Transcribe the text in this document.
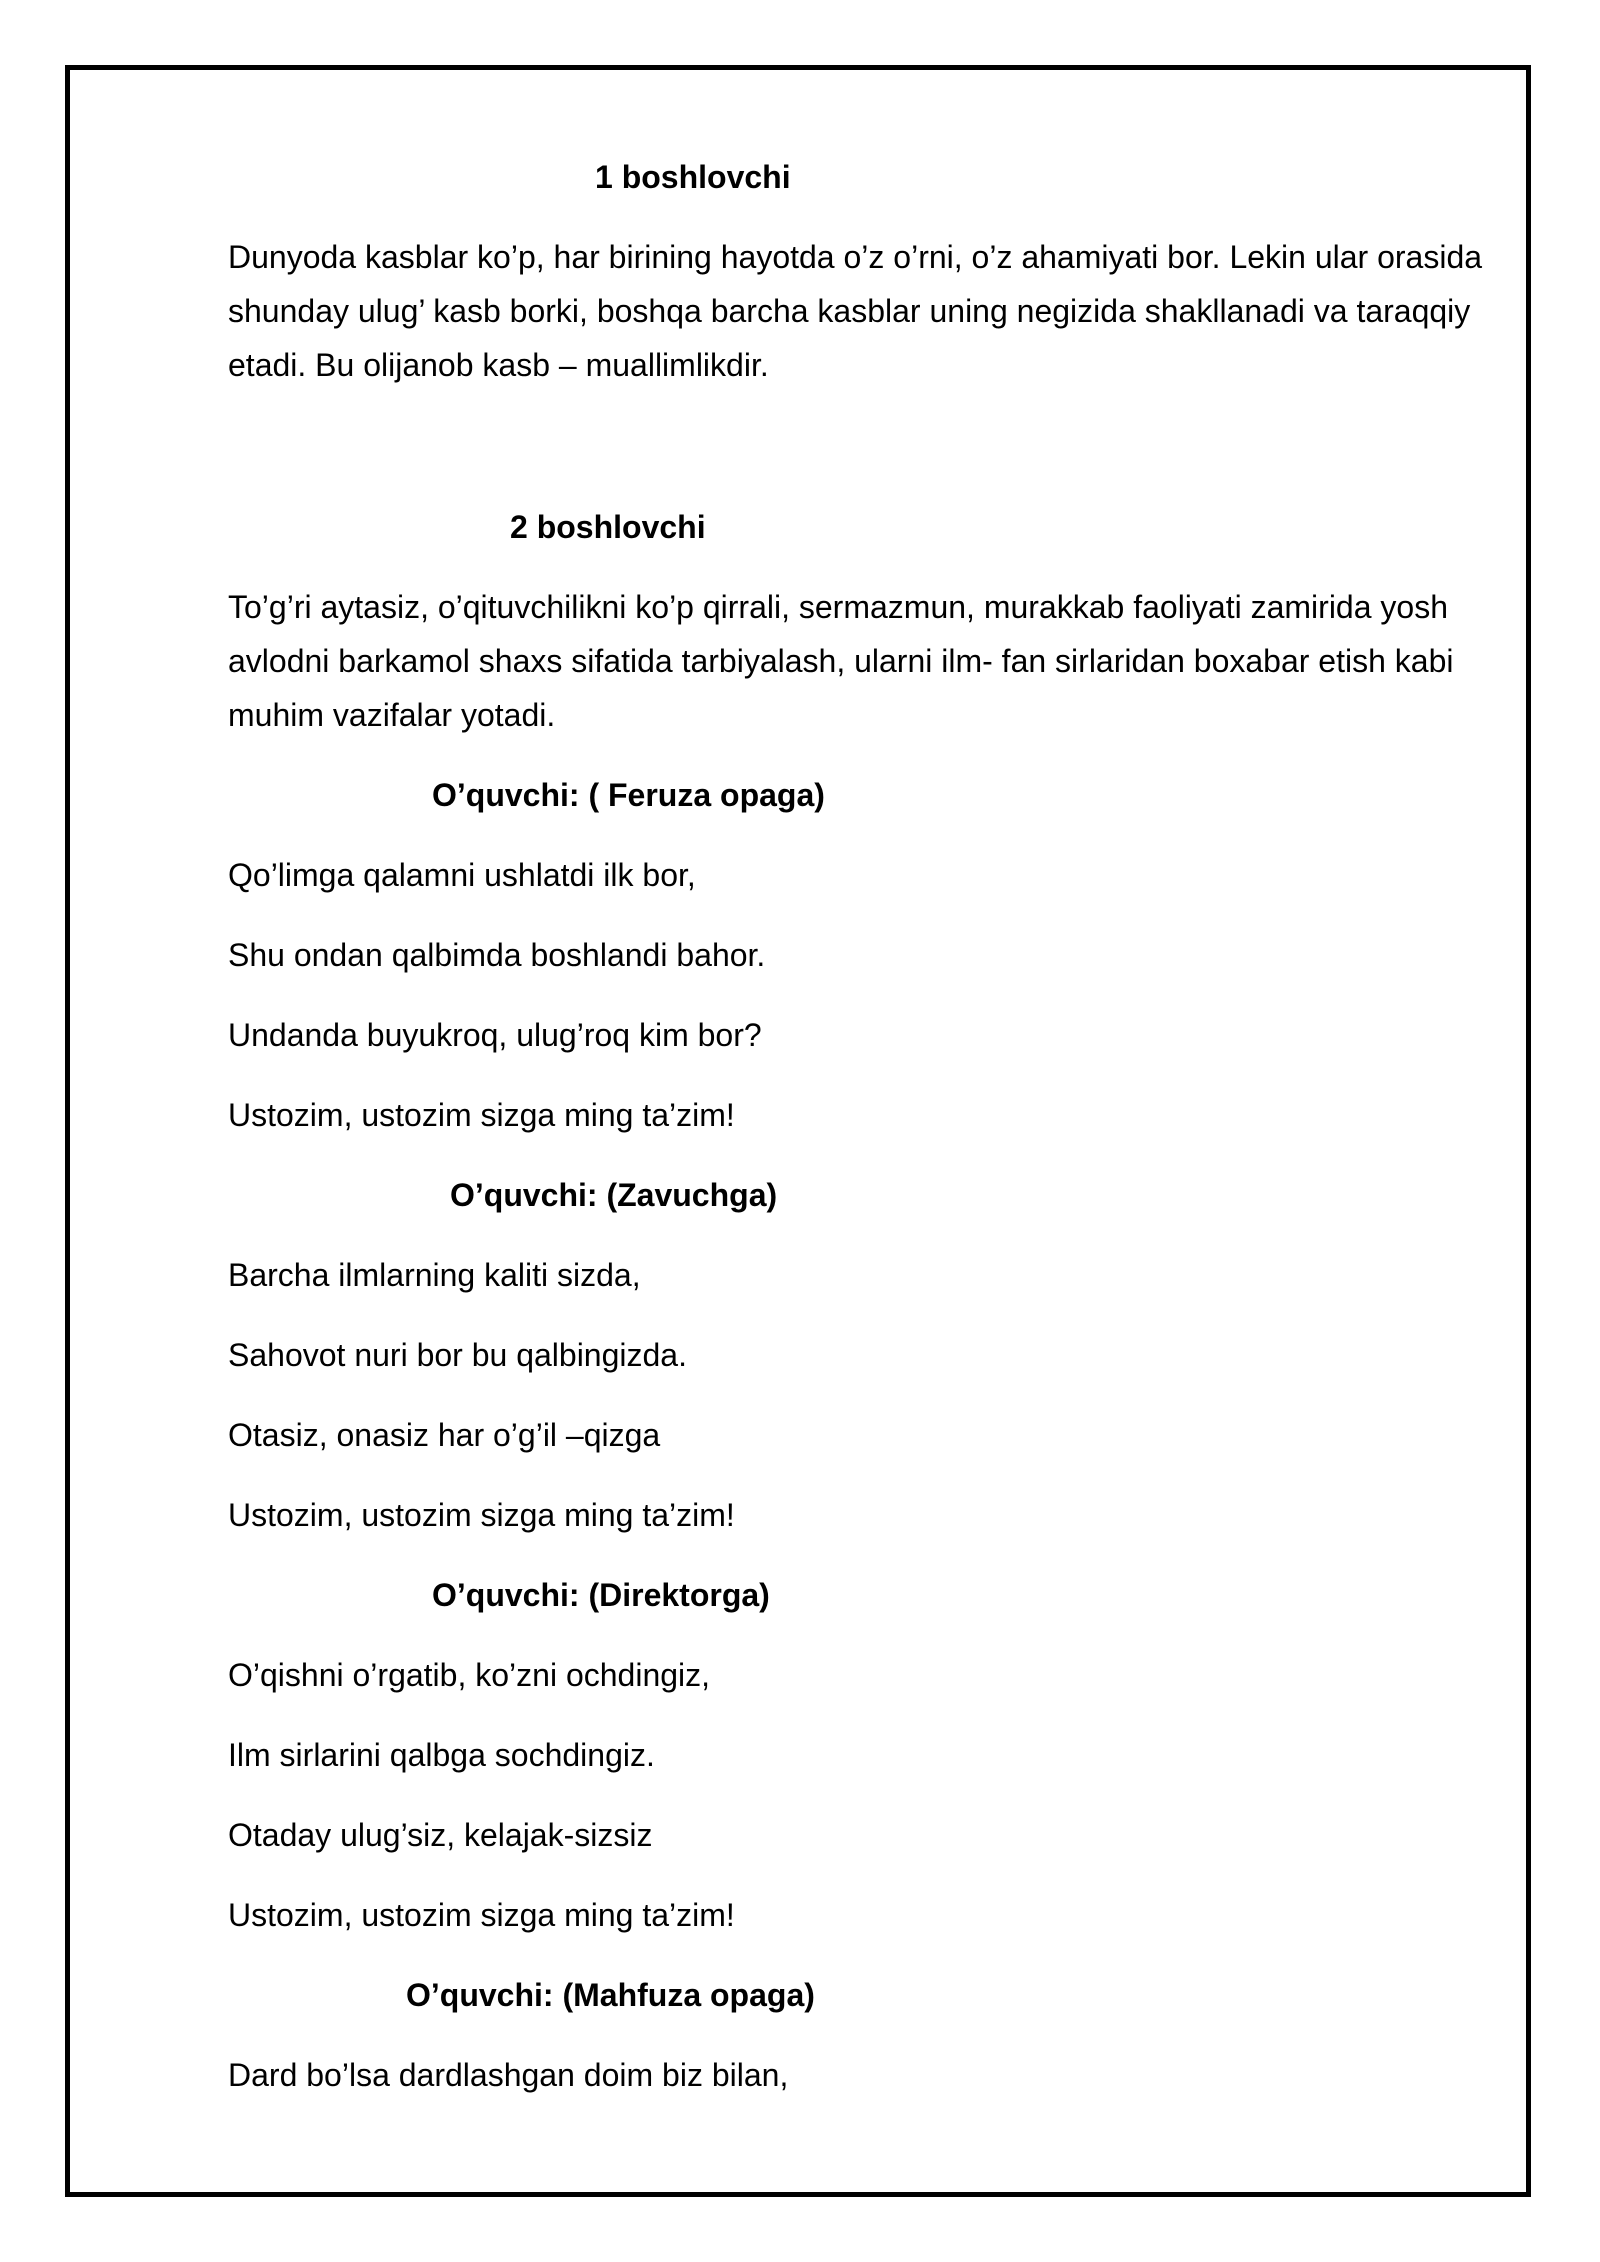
1 boshlovchi

Dunyoda kasblar ko’p, har birining hayotda o’z o’rni, o’z ahamiyati bor. Lekin ular orasida shunday ulug’ kasb borki, boshqa barcha kasblar uning negizida shakllanadi va taraqqiy etadi. Bu olijanob kasb – muallimlikdir.

2 boshlovchi

To’g’ri aytasiz, o’qituvchilikni ko’p qirrali, sermazmun, murakkab faoliyati zamirida yosh avlodni barkamol shaxs sifatida tarbiyalash, ularni ilm- fan sirlaridan boxabar etish kabi muhim vazifalar yotadi.

O’quvchi: ( Feruza opaga)

Qo’limga qalamni ushlatdi ilk bor,

Shu ondan qalbimda boshlandi bahor.

Undanda buyukroq, ulug’roq kim bor?

Ustozim, ustozim sizga ming ta’zim!

O’quvchi: (Zavuchga)

Barcha ilmlarning kaliti sizda,

Sahovot nuri bor bu qalbingizda.

Otasiz, onasiz har o’g’il –qizga

Ustozim, ustozim sizga ming ta’zim!

O’quvchi: (Direktorga)

O’qishni o’rgatib, ko’zni ochdingiz,

Ilm sirlarini qalbga sochdingiz.

Otaday ulug’siz, kelajak-sizsiz

Ustozim, ustozim sizga ming ta’zim!

O’quvchi: (Mahfuza opaga)

Dard bo’lsa dardlashgan doim biz bilan,
